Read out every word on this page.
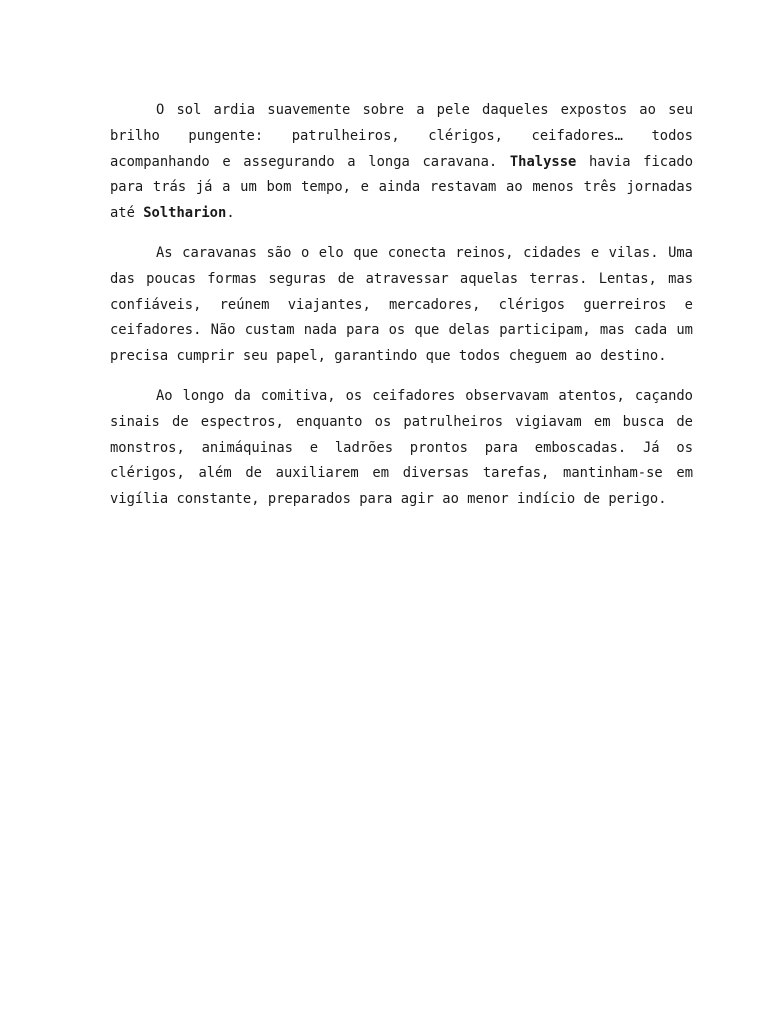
O sol ardia suavemente sobre a pele daqueles expostos ao seu brilho pungente: patrulheiros, clérigos, ceifadores… todos acompanhando e assegurando a longa caravana. Thalysse havia ficado para trás já a um bom tempo, e ainda restavam ao menos três jornadas até Soltharion.

As caravanas são o elo que conecta reinos, cidades e vilas. Uma das poucas formas seguras de atravessar aquelas terras. Lentas, mas confiáveis, reúnem viajantes, mercadores, clérigos guerreiros e ceifadores. Não custam nada para os que delas participam, mas cada um precisa cumprir seu papel, garantindo que todos cheguem ao destino.

Ao longo da comitiva, os ceifadores observavam atentos, caçando sinais de espectros, enquanto os patrulheiros vigiavam em busca de monstros, animáquinas e ladrões prontos para emboscadas. Já os clérigos, além de auxiliarem em diversas tarefas, mantinham-se em vigília constante, preparados para agir ao menor indício de perigo.
